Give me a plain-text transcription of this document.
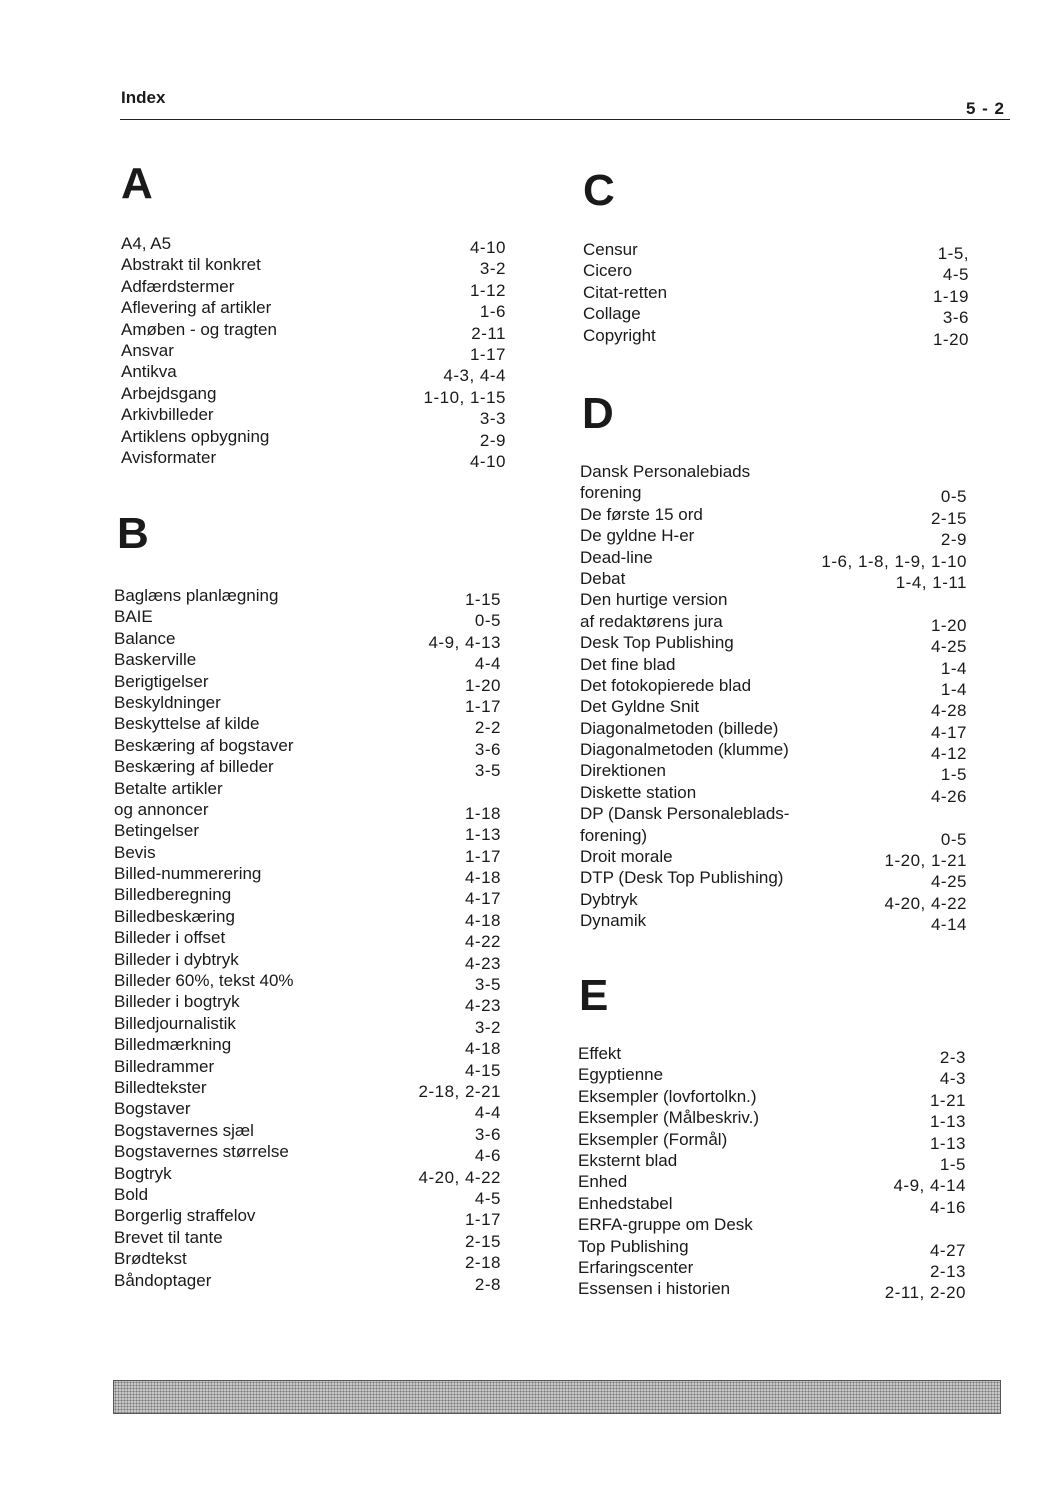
Index
5 - 2
A
A4, A5	4-10
Abstrakt til konkret	3-2
Adfærdstermer	1-12
Aflevering af artikler	1-6
Amøben - og tragten	2-11
Ansvar	1-17
Antikva	4-3, 4-4
Arbejdsgang	1-10, 1-15
Arkivbilleder	3-3
Artiklens opbygning	2-9
Avisformater	4-10
B
Baglæns planlægning	1-15
BAIE	0-5
Balance	4-9, 4-13
Baskerville	4-4
Berigtigelser	1-20
Beskyldninger	1-17
Beskyttelse af kilde	2-2
Beskæring af bogstaver	3-6
Beskæring af billeder	3-5
Betalte artikler
og annoncer	1-18
Betingelser	1-13
Bevis	1-17
Billed-nummerering	4-18
Billedberegning	4-17
Billedbeskæring	4-18
Billeder i offset	4-22
Billeder i dybtryk	4-23
Billeder 60%, tekst 40%	3-5
Billeder i bogtryk	4-23
Billedjournalistik	3-2
Billedmærkning	4-18
Billedrammer	4-15
Billedtekster	2-18, 2-21
Bogstaver	4-4
Bogstavernes sjæl	3-6
Bogstavernes størrelse	4-6
Bogtryk	4-20, 4-22
Bold	4-5
Borgerlig straffelov	1-17
Brevet til tante	2-15
Brødtekst	2-18
Båndoptager	2-8
C
Censur	1-5,
Cicero	4-5
Citat-retten	1-19
Collage	3-6
Copyright	1-20
D
Dansk Personalebiads
forening	0-5
De første 15 ord	2-15
De gyldne H-er	2-9
Dead-line	1-6, 1-8, 1-9, 1-10
Debat	1-4, 1-11
Den hurtige version
af redaktørens jura	1-20
Desk Top Publishing	4-25
Det fine blad	1-4
Det fotokopierede blad	1-4
Det Gyldne Snit	4-28
Diagonalmetoden (billede)	4-17
Diagonalmetoden (klumme)	4-12
Direktionen	1-5
Diskette station	4-26
DP (Dansk Personaleblads-
forening)	0-5
Droit morale	1-20, 1-21
DTP (Desk Top Publishing)	4-25
Dybtryk	4-20, 4-22
Dynamik	4-14
E
Effekt	2-3
Egyptienne	4-3
Eksempler (lovfortolkn.)	1-21
Eksempler (Målbeskriv.)	1-13
Eksempler (Formål)	1-13
Eksternt blad	1-5
Enhed	4-9, 4-14
Enhedstabel	4-16
ERFA-gruppe om Desk
Top Publishing	4-27
Erfaringscenter	2-13
Essensen i historien	2-11, 2-20
